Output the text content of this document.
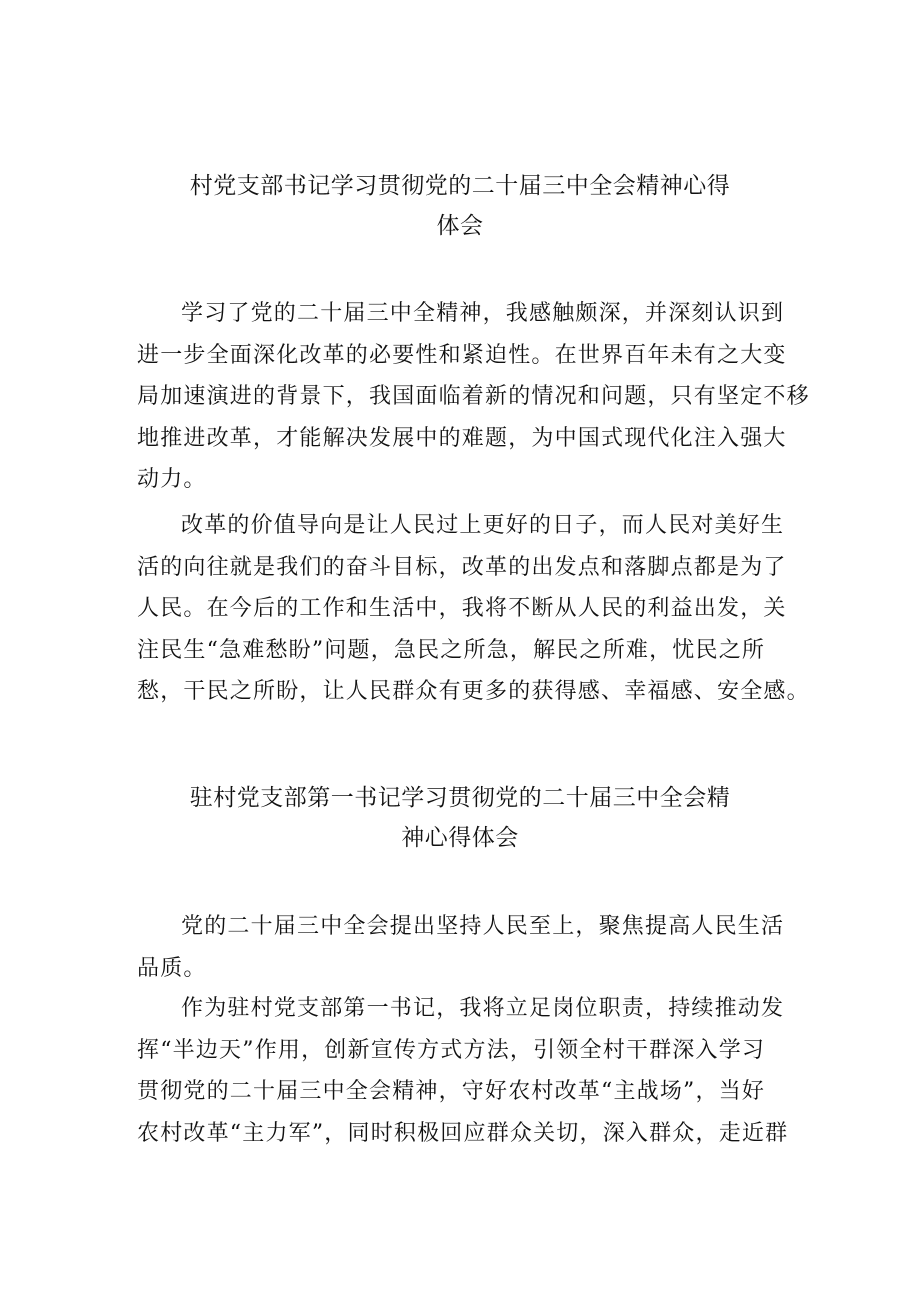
村党支部书记学习贯彻党的二十届三中全会精神心得
体会

学习了党的二十届三中全精神，我感触颇深，并深刻认识到
进一步全面深化改革的必要性和紧迫性。在世界百年未有之大变
局加速演进的背景下，我国面临着新的情况和问题，只有坚定不移
地推进改革，才能解决发展中的难题，为中国式现代化注入强大
动力。

改革的价值导向是让人民过上更好的日子，而人民对美好生
活的向往就是我们的奋斗目标，改革的出发点和落脚点都是为了
人民。在今后的工作和生活中，我将不断从人民的利益出发，关
注民生“急难愁盼”问题，急民之所急，解民之所难，忧民之所
愁，干民之所盼，让人民群众有更多的获得感、幸福感、安全感。

驻村党支部第一书记学习贯彻党的二十届三中全会精
神心得体会

党的二十届三中全会提出坚持人民至上，聚焦提高人民生活
品质。

作为驻村党支部第一书记，我将立足岗位职责，持续推动发
挥“半边天”作用，创新宣传方式方法，引领全村干群深入学习
贯彻党的二十届三中全会精神，守好农村改革“主战场”，当好
农村改革“主力军”，同时积极回应群众关切，深入群众，走近群
